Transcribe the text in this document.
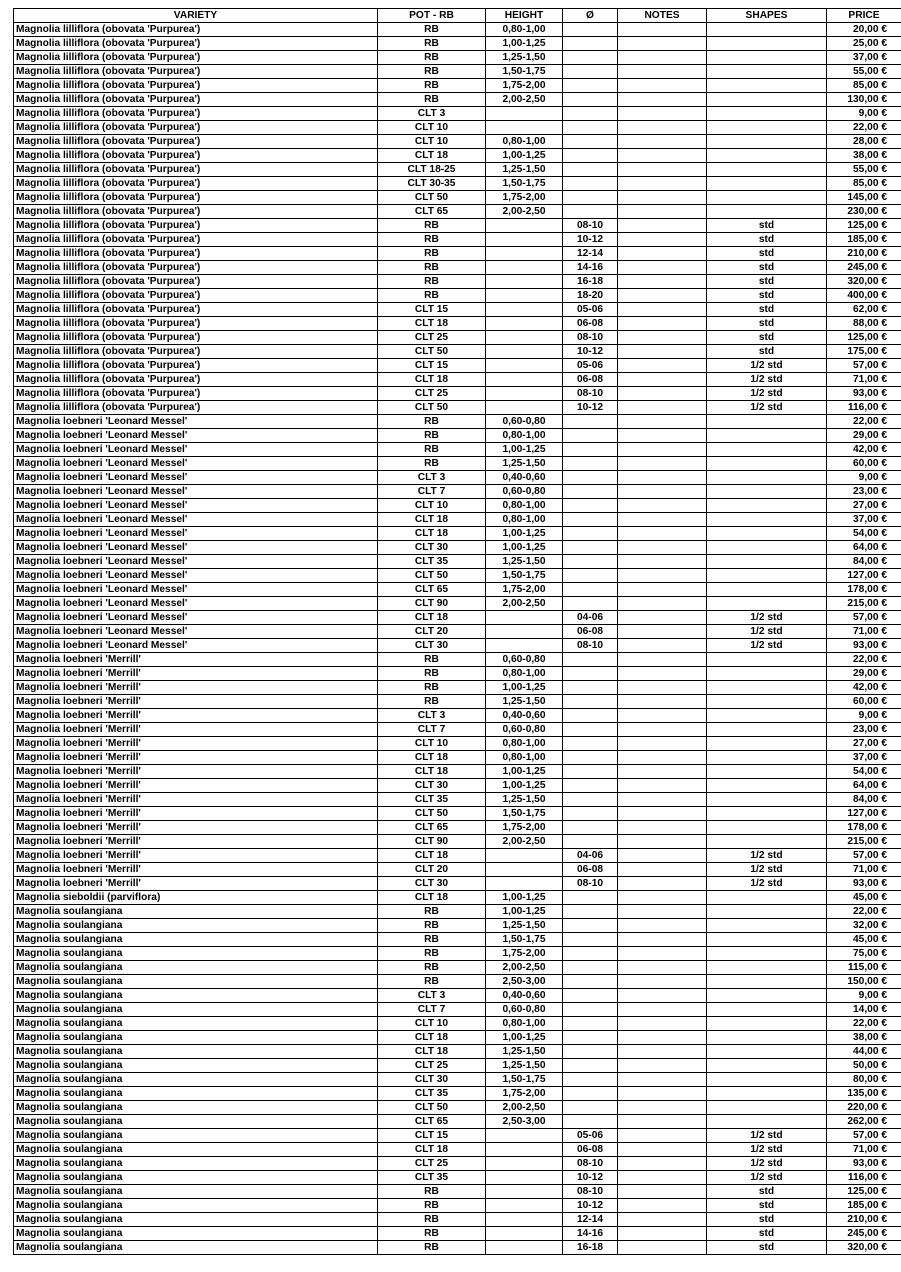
VARIETY	POT - RB	HEIGHT	Ø	NOTES	SHAPES	PRICE
Magnolia lilliflora (obovata 'Purpurea')	RB	0,80-1,00				20,00 €
Magnolia lilliflora (obovata 'Purpurea')	RB	1,00-1,25				25,00 €
Magnolia lilliflora (obovata 'Purpurea')	RB	1,25-1,50				37,00 €
Magnolia lilliflora (obovata 'Purpurea')	RB	1,50-1,75				55,00 €
Magnolia lilliflora (obovata 'Purpurea')	RB	1,75-2,00				85,00 €
Magnolia lilliflora (obovata 'Purpurea')	RB	2,00-2,50				130,00 €
Magnolia lilliflora (obovata 'Purpurea')	CLT 3					9,00 €
Magnolia lilliflora (obovata 'Purpurea')	CLT 10					22,00 €
Magnolia lilliflora (obovata 'Purpurea')	CLT 10	0,80-1,00				28,00 €
Magnolia lilliflora (obovata 'Purpurea')	CLT 18	1,00-1,25				38,00 €
Magnolia lilliflora (obovata 'Purpurea')	CLT 18-25	1,25-1,50				55,00 €
Magnolia lilliflora (obovata 'Purpurea')	CLT 30-35	1,50-1,75				85,00 €
Magnolia lilliflora (obovata 'Purpurea')	CLT 50	1,75-2,00				145,00 €
Magnolia lilliflora (obovata 'Purpurea')	CLT 65	2,00-2,50				230,00 €
Magnolia lilliflora (obovata 'Purpurea')	RB		08-10		std	125,00 €
Magnolia lilliflora (obovata 'Purpurea')	RB		10-12		std	185,00 €
Magnolia lilliflora (obovata 'Purpurea')	RB		12-14		std	210,00 €
Magnolia lilliflora (obovata 'Purpurea')	RB		14-16		std	245,00 €
Magnolia lilliflora (obovata 'Purpurea')	RB		16-18		std	320,00 €
Magnolia lilliflora (obovata 'Purpurea')	RB		18-20		std	400,00 €
Magnolia lilliflora (obovata 'Purpurea')	CLT 15		05-06		std	62,00 €
Magnolia lilliflora (obovata 'Purpurea')	CLT 18		06-08		std	88,00 €
Magnolia lilliflora (obovata 'Purpurea')	CLT 25		08-10		std	125,00 €
Magnolia lilliflora (obovata 'Purpurea')	CLT 50		10-12		std	175,00 €
Magnolia lilliflora (obovata 'Purpurea')	CLT 15		05-06		1/2 std	57,00 €
Magnolia lilliflora (obovata 'Purpurea')	CLT 18		06-08		1/2 std	71,00 €
Magnolia lilliflora (obovata 'Purpurea')	CLT 25		08-10		1/2 std	93,00 €
Magnolia lilliflora (obovata 'Purpurea')	CLT 50		10-12		1/2 std	116,00 €
Magnolia loebneri 'Leonard Messel'	RB	0,60-0,80				22,00 €
Magnolia loebneri 'Leonard Messel'	RB	0,80-1,00				29,00 €
Magnolia loebneri 'Leonard Messel'	RB	1,00-1,25				42,00 €
Magnolia loebneri 'Leonard Messel'	RB	1,25-1,50				60,00 €
Magnolia loebneri 'Leonard Messel'	CLT 3	0,40-0,60				9,00 €
Magnolia loebneri 'Leonard Messel'	CLT 7	0,60-0,80				23,00 €
Magnolia loebneri 'Leonard Messel'	CLT 10	0,80-1,00				27,00 €
Magnolia loebneri 'Leonard Messel'	CLT 18	0,80-1,00				37,00 €
Magnolia loebneri 'Leonard Messel'	CLT 18	1,00-1,25				54,00 €
Magnolia loebneri 'Leonard Messel'	CLT 30	1,00-1,25				64,00 €
Magnolia loebneri 'Leonard Messel'	CLT 35	1,25-1,50				84,00 €
Magnolia loebneri 'Leonard Messel'	CLT 50	1,50-1,75				127,00 €
Magnolia loebneri 'Leonard Messel'	CLT 65	1,75-2,00				178,00 €
Magnolia loebneri 'Leonard Messel'	CLT 90	2,00-2,50				215,00 €
Magnolia loebneri 'Leonard Messel'	CLT 18		04-06		1/2 std	57,00 €
Magnolia loebneri 'Leonard Messel'	CLT 20		06-08		1/2 std	71,00 €
Magnolia loebneri 'Leonard Messel'	CLT 30		08-10		1/2 std	93,00 €
Magnolia loebneri 'Merrill'	RB	0,60-0,80				22,00 €
Magnolia loebneri 'Merrill'	RB	0,80-1,00				29,00 €
Magnolia loebneri 'Merrill'	RB	1,00-1,25				42,00 €
Magnolia loebneri 'Merrill'	RB	1,25-1,50				60,00 €
Magnolia loebneri 'Merrill'	CLT 3	0,40-0,60				9,00 €
Magnolia loebneri 'Merrill'	CLT 7	0,60-0,80				23,00 €
Magnolia loebneri 'Merrill'	CLT 10	0,80-1,00				27,00 €
Magnolia loebneri 'Merrill'	CLT 18	0,80-1,00				37,00 €
Magnolia loebneri 'Merrill'	CLT 18	1,00-1,25				54,00 €
Magnolia loebneri 'Merrill'	CLT 30	1,00-1,25				64,00 €
Magnolia loebneri 'Merrill'	CLT 35	1,25-1,50				84,00 €
Magnolia loebneri 'Merrill'	CLT 50	1,50-1,75				127,00 €
Magnolia loebneri 'Merrill'	CLT 65	1,75-2,00				178,00 €
Magnolia loebneri 'Merrill'	CLT 90	2,00-2,50				215,00 €
Magnolia loebneri 'Merrill'	CLT 18		04-06		1/2 std	57,00 €
Magnolia loebneri 'Merrill'	CLT 20		06-08		1/2 std	71,00 €
Magnolia loebneri 'Merrill'	CLT 30		08-10		1/2 std	93,00 €
Magnolia sieboldii (parviflora)	CLT 18	1,00-1,25				45,00 €
Magnolia soulangiana	RB	1,00-1,25				22,00 €
Magnolia soulangiana	RB	1,25-1,50				32,00 €
Magnolia soulangiana	RB	1,50-1,75				45,00 €
Magnolia soulangiana	RB	1,75-2,00				75,00 €
Magnolia soulangiana	RB	2,00-2,50				115,00 €
Magnolia soulangiana	RB	2,50-3,00				150,00 €
Magnolia soulangiana	CLT 3	0,40-0,60				9,00 €
Magnolia soulangiana	CLT 7	0,60-0,80				14,00 €
Magnolia soulangiana	CLT 10	0,80-1,00				22,00 €
Magnolia soulangiana	CLT 18	1,00-1,25				38,00 €
Magnolia soulangiana	CLT 18	1,25-1,50				44,00 €
Magnolia soulangiana	CLT 25	1,25-1,50				50,00 €
Magnolia soulangiana	CLT 30	1,50-1,75				80,00 €
Magnolia soulangiana	CLT 35	1,75-2,00				135,00 €
Magnolia soulangiana	CLT 50	2,00-2,50				220,00 €
Magnolia soulangiana	CLT 65	2,50-3,00				262,00 €
Magnolia soulangiana	CLT 15		05-06		1/2 std	57,00 €
Magnolia soulangiana	CLT 18		06-08		1/2 std	71,00 €
Magnolia soulangiana	CLT 25		08-10		1/2 std	93,00 €
Magnolia soulangiana	CLT 35		10-12		1/2 std	116,00 €
Magnolia soulangiana	RB		08-10		std	125,00 €
Magnolia soulangiana	RB		10-12		std	185,00 €
Magnolia soulangiana	RB		12-14		std	210,00 €
Magnolia soulangiana	RB		14-16		std	245,00 €
Magnolia soulangiana	RB		16-18		std	320,00 €
